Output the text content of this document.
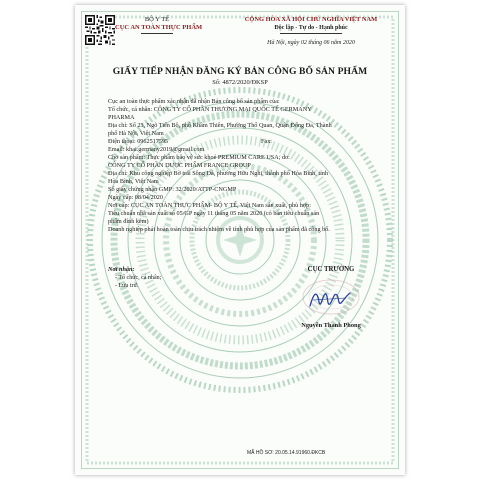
BỘ Y TẾ
CỤC AN TOÀN THỰC PHẨM
CỘNG HÒA XÃ HỘI CHỦ NGHĨA VIỆT NAM
Độc lập - Tự do - Hạnh phúc
Hà Nội, ngày 02 tháng 06 năm 2020
GIẤY TIẾP NHẬN ĐĂNG KÝ BẢN CÔNG BỐ SẢN PHẨM
Số: 4872/2020/ĐKSP
Cục an toàn thực phẩm xác nhận đã nhận Bản công bố sản phẩm của:
Tổ chức, cá nhân: CÔNG TY CỔ PHẦN THƯƠNG MẠI QUỐC TẾ GERMANY
PHARMA
Địa chỉ: Số 23, Ngõ Tiến Bộ, phố Khâm Thiên, Phường Thổ Quan, Quận Đống Đa, Thành
phố Hà Nội, Việt Nam
Điện thoại: 0962517595	Fax:
Email: khai.germany2019@gmail.com
Cho sản phẩm: Thực phẩm bảo vệ sức khoẻ PREMIUM CARE USA; do:
CÔNG TY CỔ PHẦN DƯỢC PHẨM FRANCE GROUP
Địa chỉ: Khu công nghiệp Bờ trái Sông Đà, phường Hữu Nghị, thành phố Hòa Bình, tỉnh
Hòa Bình, Việt Nam
Số giấy chứng nhận GMP: 32/2020/ATTP-CNGMP
Ngày cấp: 08/04/2020
Nơi cấp: CỤC AN TOÀN THỰC PHẨM- BỘ Y TẾ, Việt Nam sản xuất, phù hợp:
Tiêu chuẩn nhà sản xuất số 05/GP ngày 11 tháng 05 năm 2020 (có bản tiêu chuẩn sản
phẩm đính kèm)
Doanh nghiệp phải hoàn toàn chịu trách nhiệm về tính phù hợp của sản phẩm đã công bố.
Nơi nhận:
- Tổ chức, cá nhân;
- Lưu trữ.
CỤC TRƯỞNG
Nguyễn Thanh Phong
MÃ HỒ SƠ: 20.05.14.91960.ĐKCB
